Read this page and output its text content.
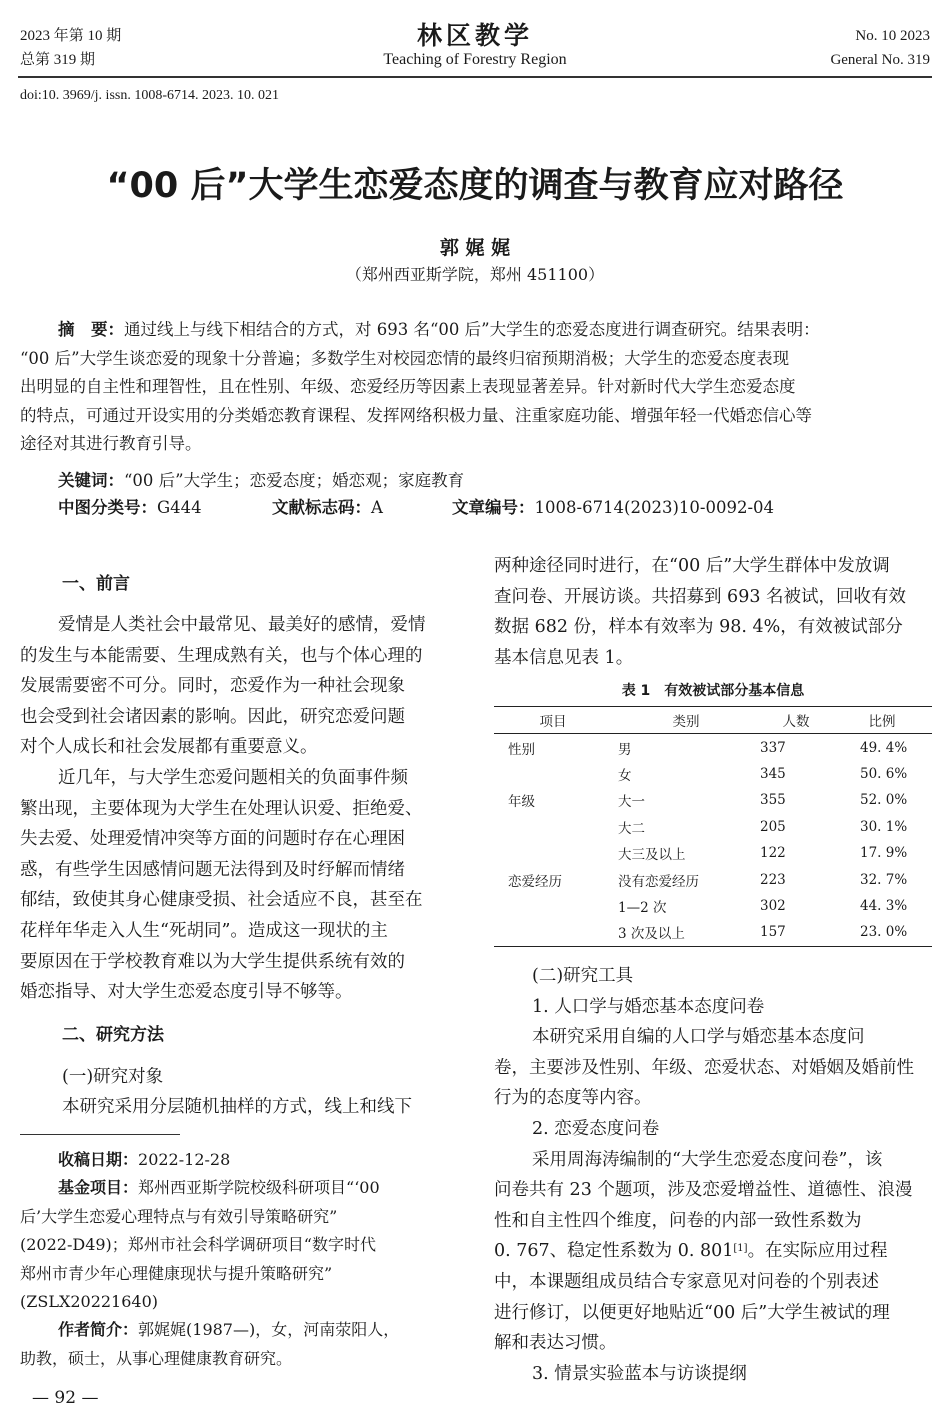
2023 年第 10 期
总第 319 期
林区教学
Teaching of Forestry Region
No. 10 2023
General No. 319
doi:10. 3969/j. issn. 1008-6714. 2023. 10. 021
“00 后”大学生恋爱态度的调查与教育应对路径
郭 娓 娓
（郑州西亚斯学院，郑州 451100）
摘　要：通过线上与线下相结合的方式，对 693 名“00 后”大学生的恋爱态度进行调查研究。结果表明：
“00 后”大学生谈恋爱的现象十分普遍；多数学生对校园恋情的最终归宿预期消极；大学生的恋爱态度表现
出明显的自主性和理智性，且在性别、年级、恋爱经历等因素上表现显著差异。针对新时代大学生恋爱态度
的特点，可通过开设实用的分类婚恋教育课程、发挥网络积极力量、注重家庭功能、增强年轻一代婚恋信心等
途径对其进行教育引导。
关键词：“00 后”大学生；恋爱态度；婚恋观；家庭教育
中图分类号：G444	文献标志码：A	文章编号：1008-6714(2023)10-0092-04
一、前言
爱情是人类社会中最常见、最美好的感情，爱情
的发生与本能需要、生理成熟有关，也与个体心理的
发展需要密不可分。同时，恋爱作为一种社会现象
也会受到社会诸因素的影响。因此，研究恋爱问题
对个人成长和社会发展都有重要意义。
近几年，与大学生恋爱问题相关的负面事件频
繁出现，主要体现为大学生在处理认识爱、拒绝爱、
失去爱、处理爱情冲突等方面的问题时存在心理困
惑，有些学生因感情问题无法得到及时纾解而情绪
郁结，致使其身心健康受损、社会适应不良，甚至在
花样年华走入人生“死胡同”。造成这一现状的主
要原因在于学校教育难以为大学生提供系统有效的
婚恋指导、对大学生恋爱态度引导不够等。
二、研究方法
(一)研究对象
本研究采用分层随机抽样的方式，线上和线下
收稿日期：2022-12-28
基金项目：郑州西亚斯学院校级科研项目“‘00
后’大学生恋爱心理特点与有效引导策略研究”
(2022-D49)；郑州市社会科学调研项目“数字时代
郑州市青少年心理健康现状与提升策略研究”
(ZSLX20221640)
作者简介：郭娓娓(1987—)，女，河南荥阳人，
助教，硕士，从事心理健康教育研究。
— 92 —
两种途径同时进行，在“00 后”大学生群体中发放调
查问卷、开展访谈。共招募到 693 名被试，回收有效
数据 682 份，样本有效率为 98. 4%，有效被试部分
基本信息见表 1。
表 1　有效被试部分基本信息
项目	类别	人数	比例
性别	男	337	49. 4%
	女	345	50. 6%
年级	大一	355	52. 0%
	大二	205	30. 1%
	大三及以上	122	17. 9%
恋爱经历	没有恋爱经历	223	32. 7%
	1—2 次	302	44. 3%
	3 次及以上	157	23. 0%
(二)研究工具
1. 人口学与婚恋基本态度问卷
本研究采用自编的人口学与婚恋基本态度问
卷，主要涉及性别、年级、恋爱状态、对婚姻及婚前性
行为的态度等内容。
2. 恋爱态度问卷
采用周海涛编制的“大学生恋爱态度问卷”，该
问卷共有 23 个题项，涉及恋爱增益性、道德性、浪漫
性和自主性四个维度，问卷的内部一致性系数为
0. 767、稳定性系数为 0. 801[1]。在实际应用过程
中，本课题组成员结合专家意见对问卷的个别表述
进行修订，以便更好地贴近“00 后”大学生被试的理
解和表达习惯。
3. 情景实验蓝本与访谈提纲
